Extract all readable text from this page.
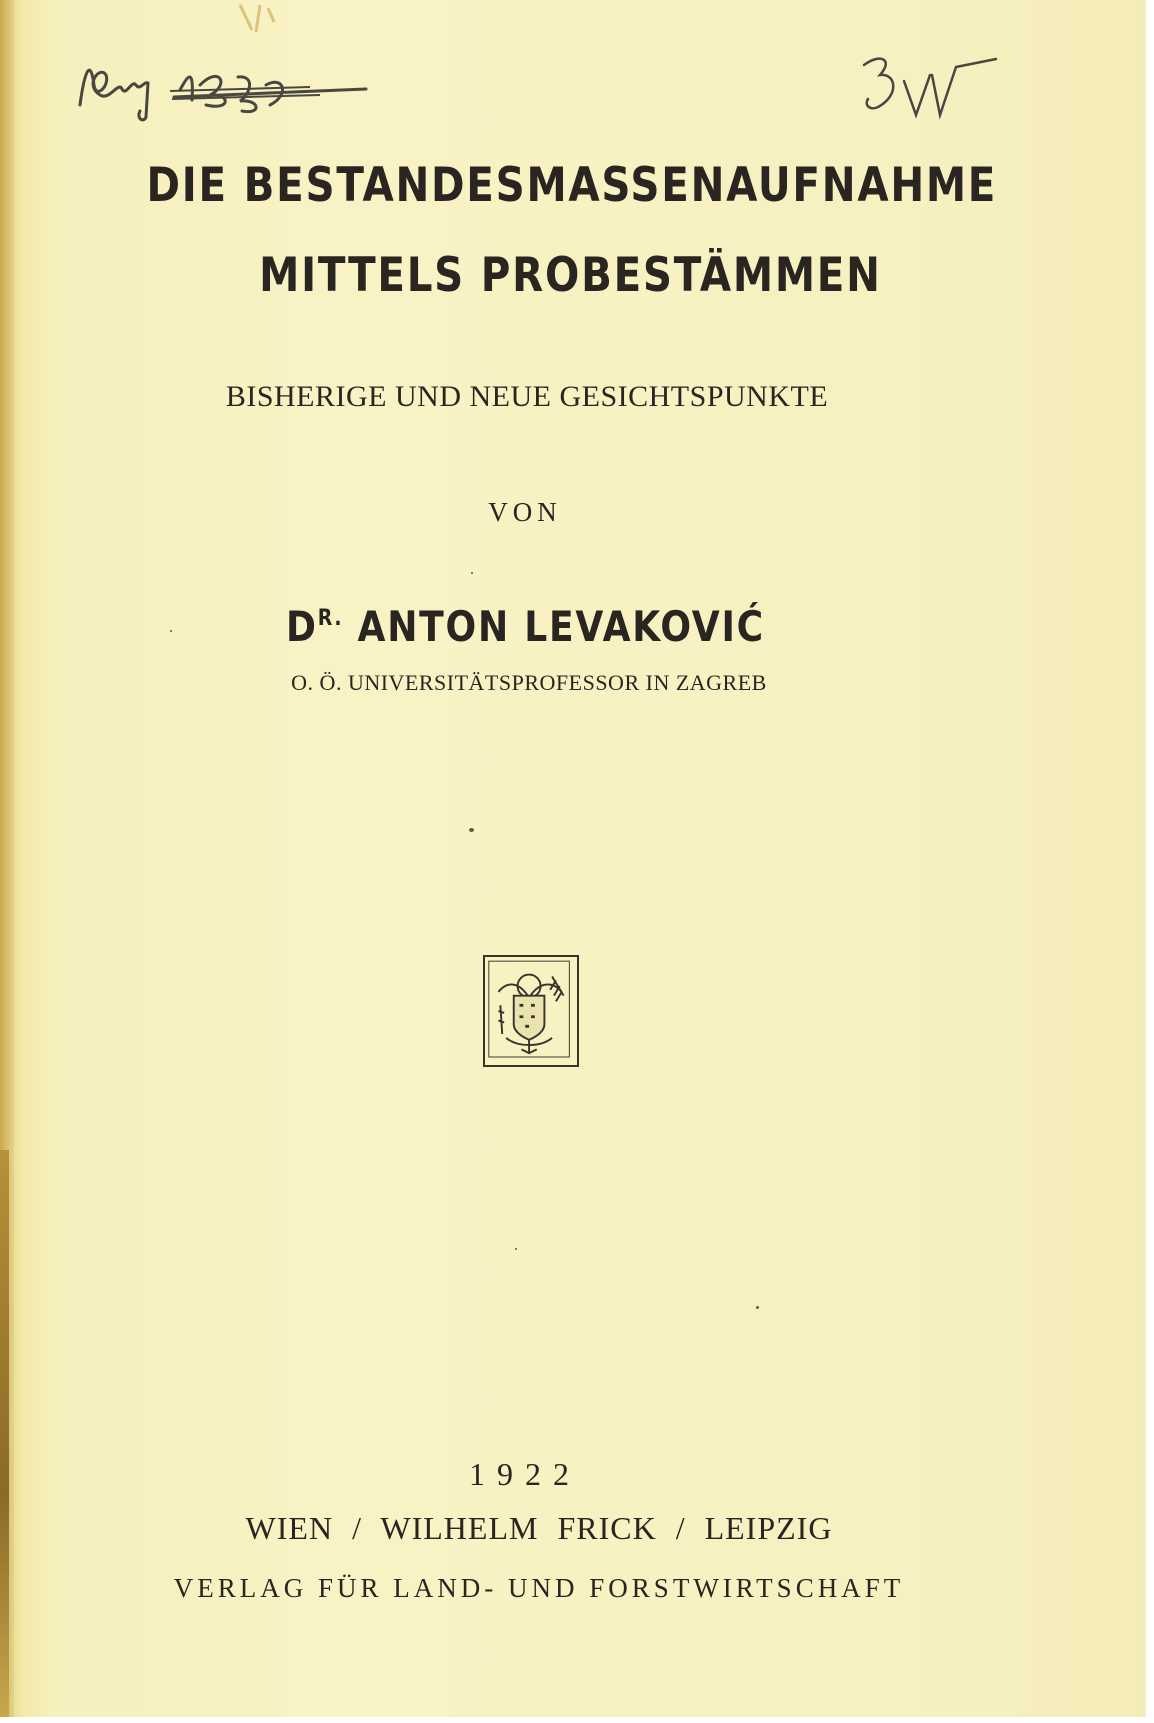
DIE BESTANDESMASSENAUFNAHME
MITTELS PROBESTÄMMEN
BISHERIGE UND NEUE GESICHTSPUNKTE
VON
$D^{R.}$ ANTON LEVAKOVIĆ
O. Ö. UNIVERSITÄTSPROFESSOR IN ZAGREB
1922
WIEN / WILHELM FRICK / LEIPZIG
VERLAG FÜR LAND- UND FORSTWIRTSCHAFT
